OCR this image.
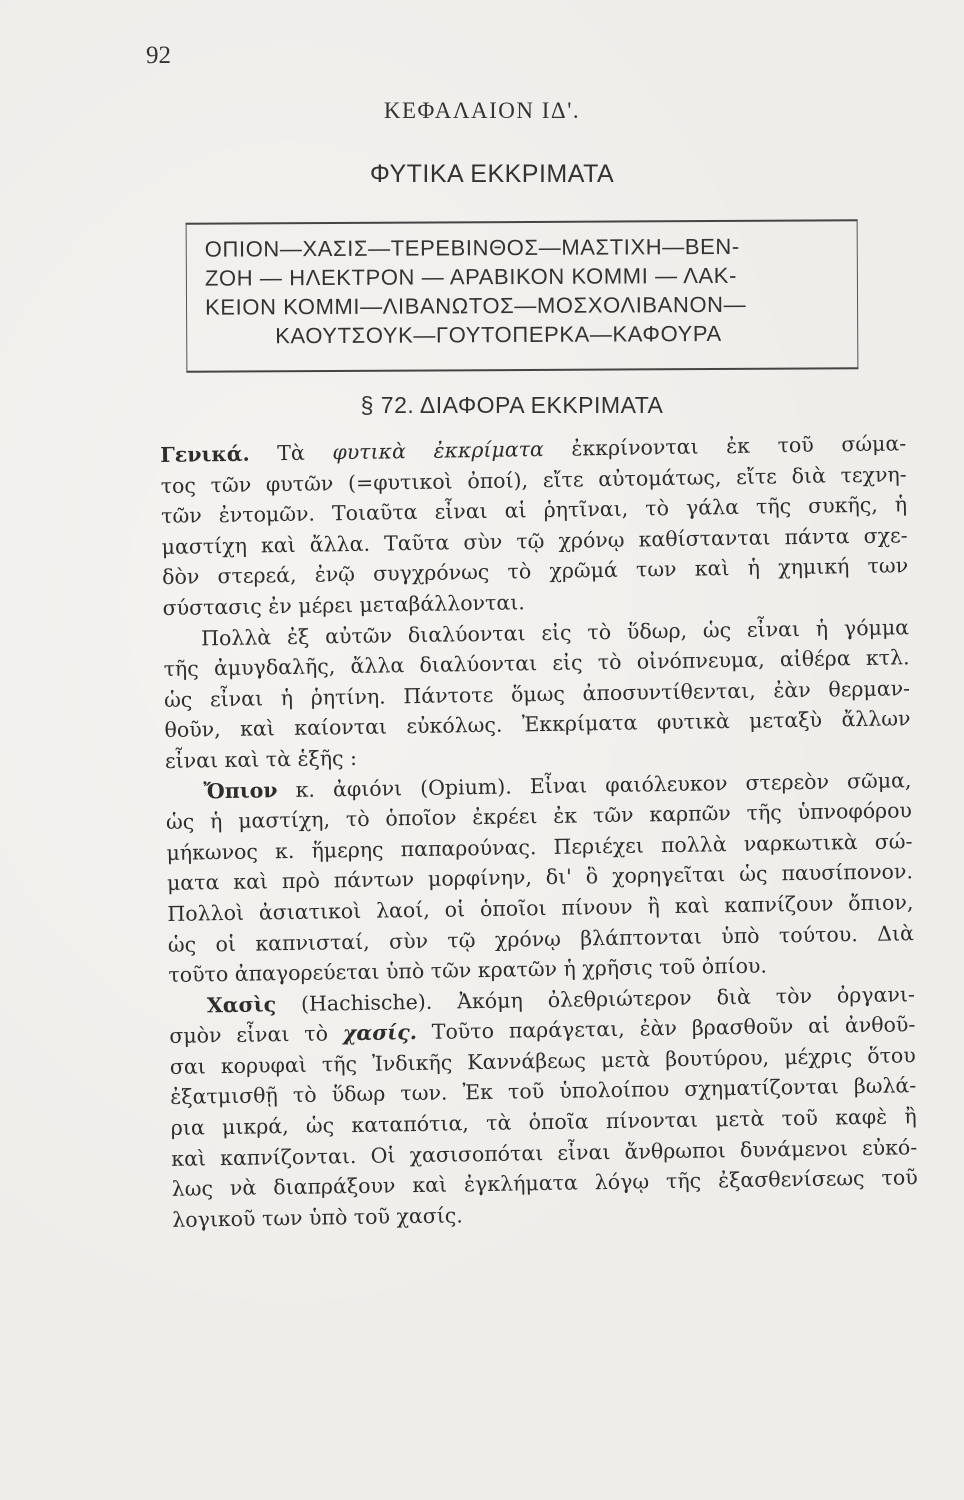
92
ΚΕΦΑΛΑΙΟΝ ΙΔ'.
ΦΥΤΙΚΑ ΕΚΚΡΙΜΑΤΑ
ΟΠΙΟΝ—ΧΑΣΙΣ—ΤΕΡΕΒΙΝΘΟΣ—ΜΑΣΤΙΧΗ—ΒΕΝ-
ΖΟΗ — ΗΛΕΚΤΡΟΝ — ΑΡΑΒΙΚΟΝ ΚΟΜΜΙ — ΛΑΚ-
ΚΕΙΟΝ ΚΟΜΜΙ—ΛΙΒΑΝΩΤΟΣ—ΜΟΣΧΟΛΙΒΑΝΟΝ—
ΚΑΟΥΤΣΟΥΚ—ΓΟΥΤΟΠΕΡΚΑ—ΚΑΦΟΥΡΑ
§ 72. ΔΙΑΦΟΡΑ ΕΚΚΡΙΜΑΤΑ
Γενικά. Τὰ φυτικὰ ἐκκρίματα ἐκκρίνονται ἐκ τοῦ σώμα-
τος τῶν φυτῶν (=φυτικοὶ ὀποί), εἴτε αὐτομάτως, εἴτε διὰ τεχνη-
τῶν ἐντομῶν. Τοιαῦτα εἶναι αἱ ῥητῖναι, τὸ γάλα τῆς συκῆς, ἡ
μαστίχη καὶ ἄλλα. Ταῦτα σὺν τῷ χρόνῳ καθίστανται πάντα σχε-
δὸν στερεά, ἐνῷ συγχρόνως τὸ χρῶμά των καὶ ἡ χημική των
σύστασις ἐν μέρει μεταβάλλονται.
Πολλὰ ἐξ αὐτῶν διαλύονται εἰς τὸ ὕδωρ, ὡς εἶναι ἡ γόμμα
τῆς ἀμυγδαλῆς, ἄλλα διαλύονται εἰς τὸ οἰνόπνευμα, αἰθέρα κτλ.
ὡς εἶναι ἡ ῥητίνη. Πάντοτε ὅμως ἀποσυντίθενται, ἐὰν θερμαν-
θοῦν, καὶ καίονται εὐκόλως. Ἐκκρίματα φυτικὰ μεταξὺ ἄλλων
εἶναι καὶ τὰ ἑξῆς :
Ὄπιον κ. ἀφιόνι (Opium). Εἶναι φαιόλευκον στερεὸν σῶμα,
ὡς ἡ μαστίχη, τὸ ὁποῖον ἐκρέει ἐκ τῶν καρπῶν τῆς ὑπνοφόρου
μήκωνος κ. ἥμερης παπαρούνας. Περιέχει πολλὰ ναρκωτικὰ σώ-
ματα καὶ πρὸ πάντων μορφίνην, δι' ὃ χορηγεῖται ὡς παυσίπονον.
Πολλοὶ ἀσιατικοὶ λαοί, οἱ ὁποῖοι πίνουν ἢ καὶ καπνίζουν ὄπιον,
ὡς οἱ καπνισταί, σὺν τῷ χρόνῳ βλάπτονται ὑπὸ τούτου. Διὰ
τοῦτο ἀπαγορεύεται ὑπὸ τῶν κρατῶν ἡ χρῆσις τοῦ ὀπίου.
Χασὶς (Hachische). Ἀκόμη ὀλεθριώτερον διὰ τὸν ὀργανι-
σμὸν εἶναι τὸ χασίς. Τοῦτο παράγεται, ἐὰν βρασθοῦν αἱ ἀνθοῦ-
σαι κορυφαὶ τῆς Ἰνδικῆς Καννάβεως μετὰ βουτύρου, μέχρις ὅτου
ἐξατμισθῇ τὸ ὕδωρ των. Ἐκ τοῦ ὑπολοίπου σχηματίζονται βωλά-
ρια μικρά, ὡς καταπότια, τὰ ὁποῖα πίνονται μετὰ τοῦ καφὲ ἢ
καὶ καπνίζονται. Οἱ χασισοπόται εἶναι ἄνθρωποι δυνάμενοι εὐκό-
λως νὰ διαπράξουν καὶ ἐγκλήματα λόγῳ τῆς ἐξασθενίσεως τοῦ
λογικοῦ των ὑπὸ τοῦ χασίς.
